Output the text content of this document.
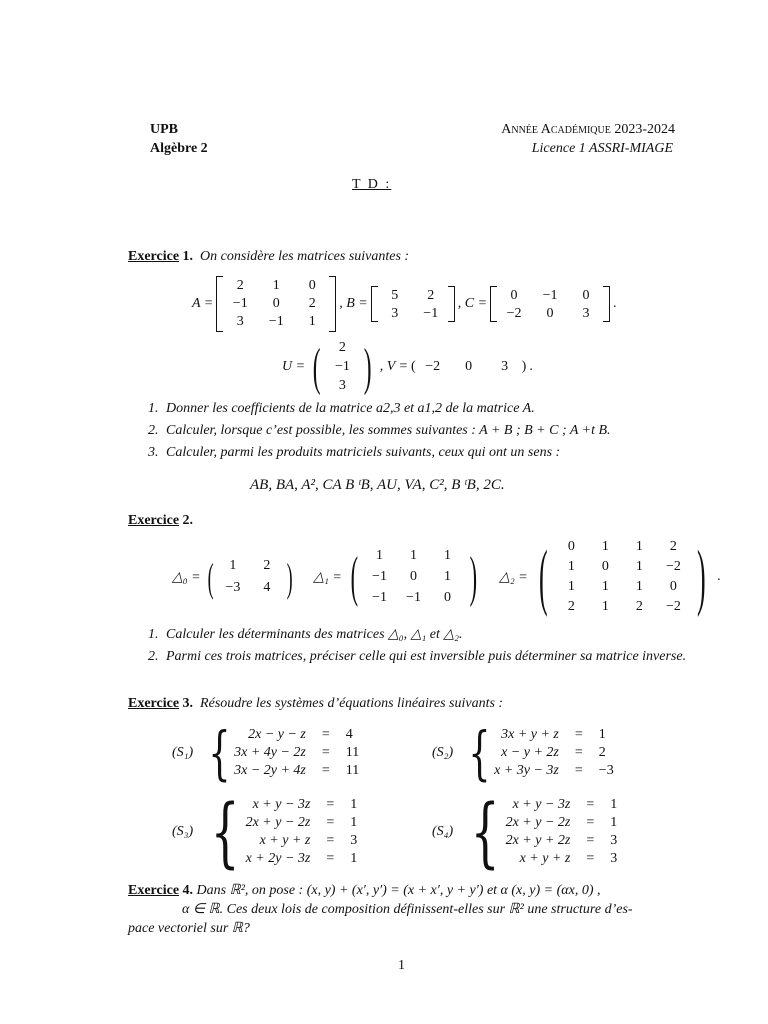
UPB
Algèbre 2
Année Académique 2023-2024
Licence 1 ASSRI-MIAGE
T D :
Exercice
1.
On considère les matrices suivantes :
A =
2	1	0
−1	0	2
3	−1	1
, B =
5	2
3	−1
, C =
0	−1	0
−2	0	3
.
U = (	2
−1
3 ) , V = ( −2	0	3 ) .
1. Donner les coefficients de la matrice a2,3 et a1,2 de la matrice A.
2. Calculer, lorsque c’est possible, les sommes suivantes : A + B ; B + C ; A +t B.
3. Calculer, parmi les produits matriciels suivants, ceux qui ont un sens :
AB, BA, A², CA B ᵗB, AU, VA, C², B ᵗB, 2C.
Exercice
2.
△₀ = (	1	2
−3	4 ) △₁ = (	1	1	1
−1	0	1
−1 −1	0 ) △₂ = (	0	1	1	2
1	0	1	−2
1	1	1	0
2	1	2	−2 ) .
1. Calculer les déterminants des matrices △₀, △₁ et △₂.
2. Parmi ces trois matrices, préciser celle qui est inversible puis déterminer sa matrice inverse.
Exercice
3.
Résoudre les systèmes d’équations linéaires suivants :
(S₁) {	2x − y − z = 4
3x + 4y − 2z = 11
3x − 2y + 4z = 11
(S₂) { 3x + y + z = 1
x − y + 2z = 2
x + 3y − 3z = −3
(S₃) { x + y − 3z = 1
2x + y − 2z = 1
x + y + z = 3
x + 2y − 3z = 1
(S₄) { x + y − 3z = 1
2x + y − 2z = 1
2x + y + 2z = 3
x + y + z = 3
Exercice 4. Dans ℝ², on pose : (x, y) + (x′, y′) = (x + x′, y + y′) et α (x, y) = (αx, 0) ,
α ∈ ℝ. Ces deux lois de composition définissent-elles sur ℝ² une structure d’es-
pace vectoriel sur ℝ?
1
